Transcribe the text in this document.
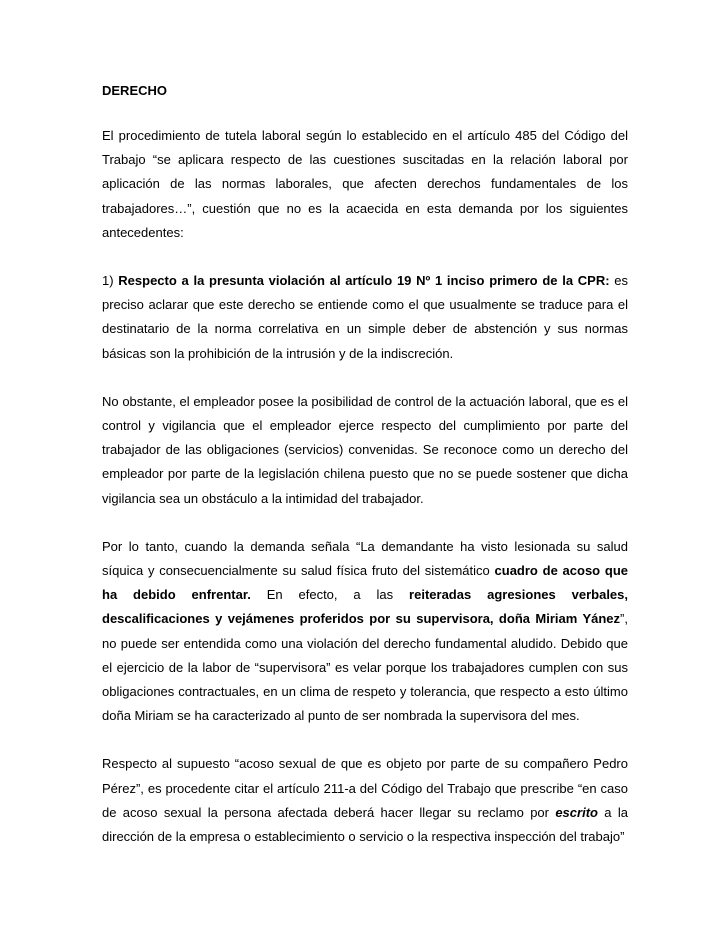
DERECHO

El procedimiento de tutela laboral según lo establecido en el artículo 485 del Código del Trabajo “se aplicara respecto de las cuestiones suscitadas en la relación laboral por aplicación de las normas laborales, que afecten derechos fundamentales de los trabajadores…”, cuestión que no es la acaecida en esta demanda por los siguientes antecedentes:

1) Respecto a la presunta violación al artículo 19 Nº 1 inciso primero de la CPR: es preciso aclarar que este derecho se entiende como el que usualmente se traduce para el destinatario de la norma correlativa en un simple deber de abstención y sus normas básicas son la prohibición de la intrusión y de la indiscreción.

No obstante, el empleador posee la posibilidad de control de la actuación laboral, que es el control y vigilancia que el empleador ejerce respecto del cumplimiento por parte del trabajador de las obligaciones (servicios) convenidas. Se reconoce como un derecho del empleador por parte de la legislación chilena puesto que no se puede sostener que dicha vigilancia sea un obstáculo a la intimidad del trabajador.

Por lo tanto, cuando la demanda señala “La demandante ha visto lesionada su salud síquica y consecuencialmente su salud física fruto del sistemático cuadro de acoso que ha debido enfrentar. En efecto, a las reiteradas agresiones verbales, descalificaciones y vejámenes proferidos por su supervisora, doña Miriam Yánez”, no puede ser entendida como una violación del derecho fundamental aludido. Debido que el ejercicio de la labor de “supervisora” es velar porque los trabajadores cumplen con sus obligaciones contractuales, en un clima de respeto y tolerancia, que respecto a esto último doña Miriam se ha caracterizado al punto de ser nombrada la supervisora del mes.

Respecto al supuesto “acoso sexual de que es objeto por parte de su compañero Pedro Pérez”, es procedente citar el artículo 211-a del Código del Trabajo que prescribe “en caso de acoso sexual la persona afectada deberá hacer llegar su reclamo por escrito a la dirección de la empresa o establecimiento o servicio o la respectiva inspección del trabajo”
